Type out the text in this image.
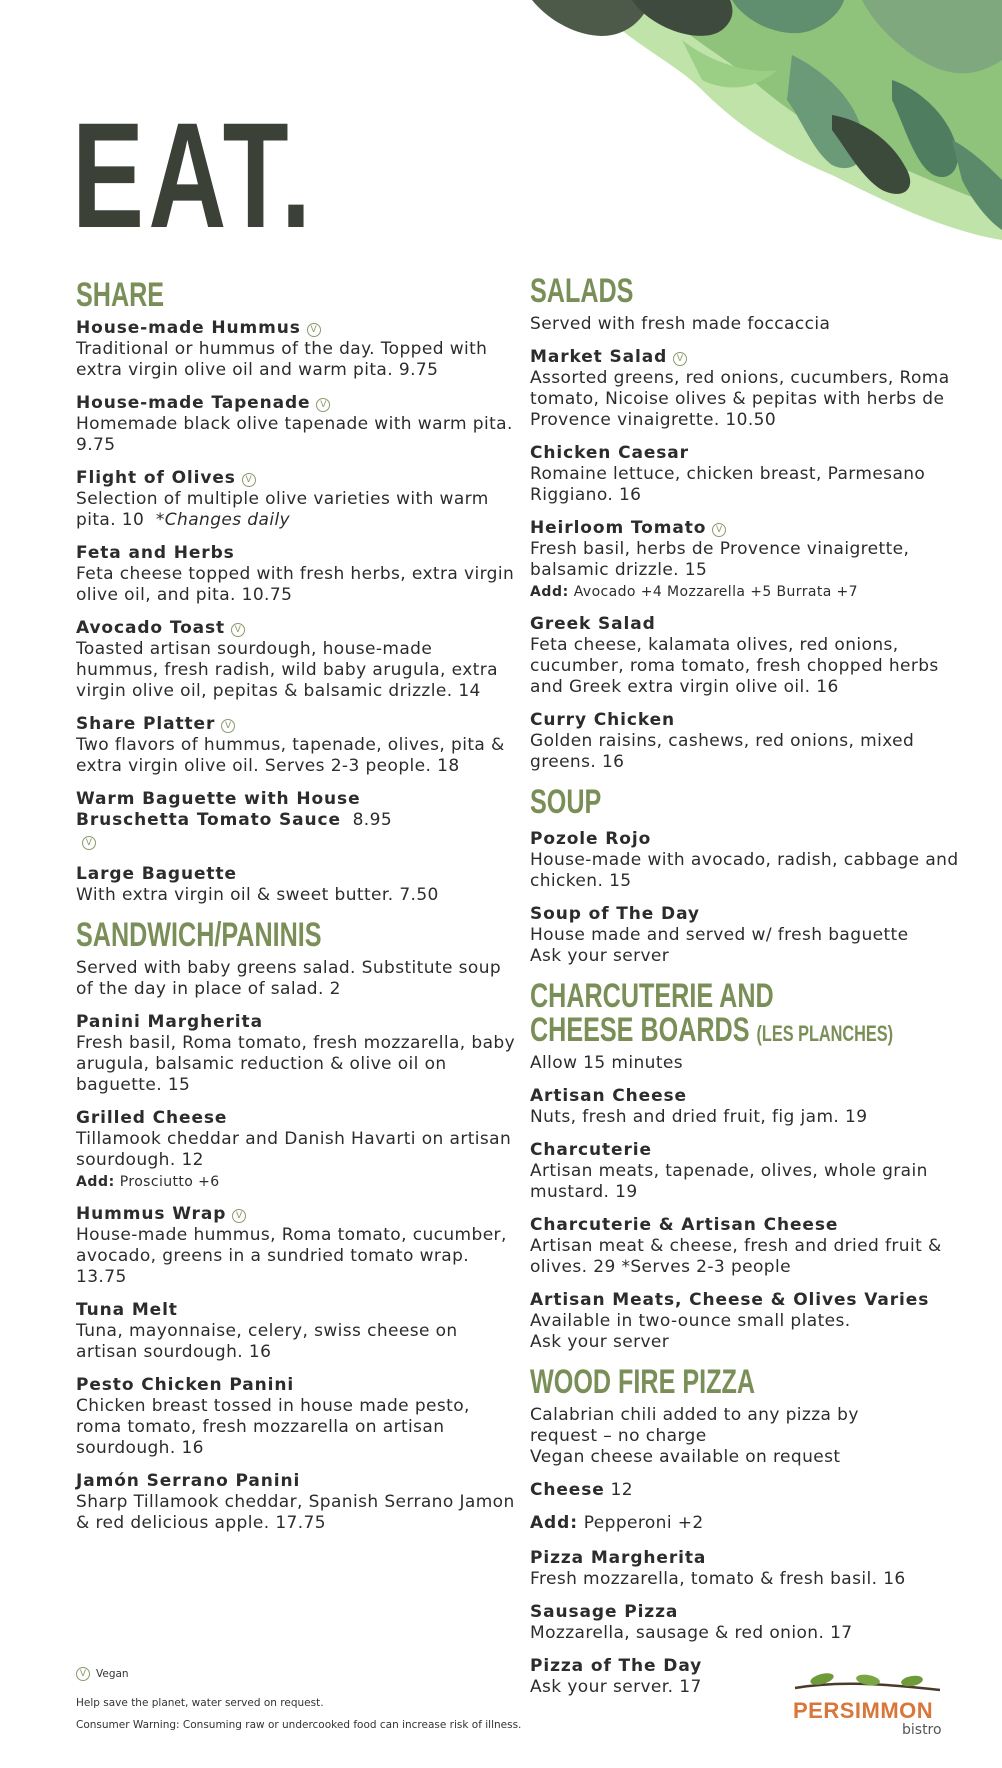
EAT.
SHARE
House-made Hummus V
Traditional or hummus of the day. Topped with extra virgin olive oil and warm pita. 9.75
House-made Tapenade V
Homemade black olive tapenade with warm pita. 9.75
Flight of Olives V
Selection of multiple olive varieties with warm pita. 10 *Changes daily
Feta and Herbs
Feta cheese topped with fresh herbs, extra virgin olive oil, and pita. 10.75
Avocado Toast V
Toasted artisan sourdough, house-made hummus, fresh radish, wild baby arugula, extra virgin olive oil, pepitas & balsamic drizzle. 14
Share Platter V
Two flavors of hummus, tapenade, olives, pita & extra virgin olive oil. Serves 2-3 people. 18
Warm Baguette with House Bruschetta Tomato Sauce 8.95V
Large Baguette
With extra virgin oil & sweet butter. 7.50
SANDWICH/PANINIS
Served with baby greens salad. Substitute soup of the day in place of salad. 2
Panini Margherita
Fresh basil, Roma tomato, fresh mozzarella, baby arugula, balsamic reduction & olive oil on baguette. 15
Grilled Cheese
Tillamook cheddar and Danish Havarti on artisan sourdough. 12
Add: Prosciutto +6
Hummus Wrap V
House-made hummus, Roma tomato, cucumber, avocado, greens in a sundried tomato wrap. 13.75
Tuna Melt
Tuna, mayonnaise, celery, swiss cheese on artisan sourdough. 16
Pesto Chicken Panini
Chicken breast tossed in house made pesto, roma tomato, fresh mozzarella on artisan sourdough. 16
Jamón Serrano Panini
Sharp Tillamook cheddar, Spanish Serrano Jamon & red delicious apple. 17.75
SALADS
Served with fresh made foccaccia
Market Salad V
Assorted greens, red onions, cucumbers, Roma tomato, Nicoise olives & pepitas with herbs de Provence vinaigrette. 10.50
Chicken Caesar
Romaine lettuce, chicken breast, Parmesano Riggiano. 16
Heirloom Tomato V
Fresh basil, herbs de Provence vinaigrette, balsamic drizzle. 15
Add: Avocado +4 Mozzarella +5 Burrata +7
Greek Salad
Feta cheese, kalamata olives, red onions, cucumber, roma tomato, fresh chopped herbs and Greek extra virgin olive oil. 16
Curry Chicken
Golden raisins, cashews, red onions, mixed greens. 16
SOUP
Pozole Rojo
House-made with avocado, radish, cabbage and chicken. 15
Soup of The Day
House made and served w/ fresh baguette
Ask your server
CHARCUTERIE AND
CHEESE BOARDS (LES PLANCHES)
Allow 15 minutes
Artisan Cheese
Nuts, fresh and dried fruit, fig jam. 19
Charcuterie
Artisan meats, tapenade, olives, whole grain mustard. 19
Charcuterie & Artisan Cheese
Artisan meat & cheese, fresh and dried fruit & olives. 29 *Serves 2-3 people
Artisan Meats, Cheese & Olives Varies
Available in two-ounce small plates.
Ask your server
WOOD FIRE PIZZA
Calabrian chili added to any pizza by request – no charge
Vegan cheese available on request
Cheese 12
Add: Pepperoni +2
Pizza Margherita
Fresh mozzarella, tomato & fresh basil. 16
Sausage Pizza
Mozzarella, sausage & red onion. 17
Pizza of The Day
Ask your server. 17
V Vegan
Help save the planet, water served on request.
Consumer Warning: Consuming raw or undercooked food can increase risk of illness.
PERSIMMON
bistro
